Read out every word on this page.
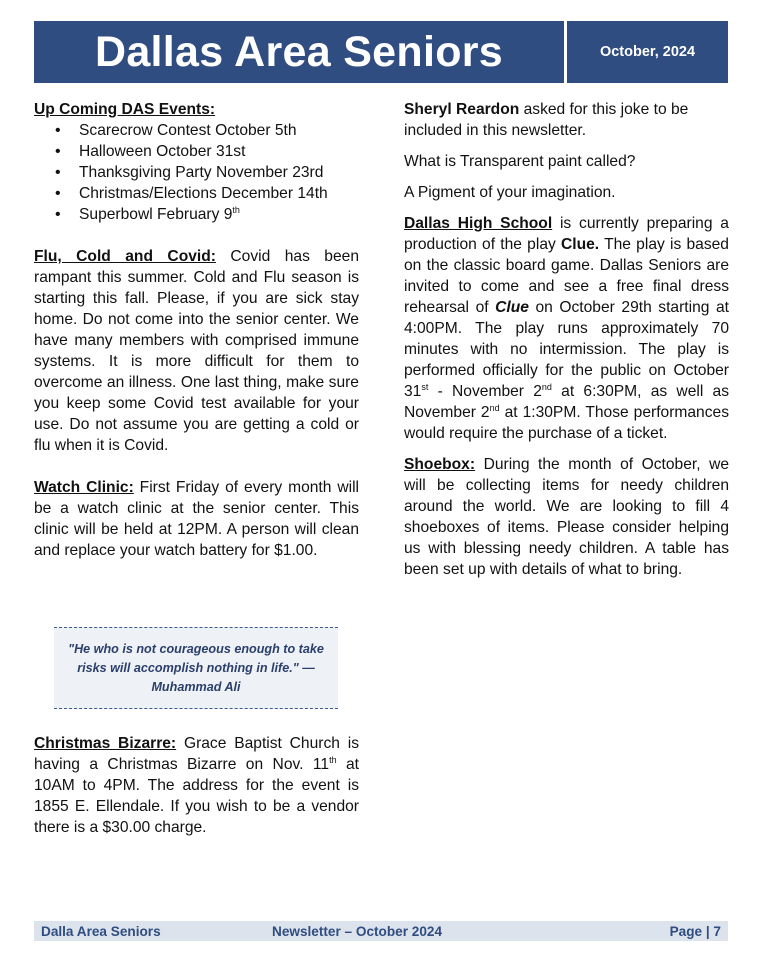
Dallas Area Seniors	October, 2024

Up Coming DAS Events:

• Scarecrow Contest October 5th
• Halloween October 31st
• Thanksgiving Party November 23rd
• Christmas/Elections December 14th
• Superbowl February 9th

Flu, Cold and Covid: Covid has been rampant this summer. Cold and Flu season is starting this fall. Please, if you are sick stay home. Do not come into the senior center. We have many members with comprised immune systems. It is more difficult for them to overcome an illness. One last thing, make sure you keep some Covid test available for your use. Do not assume you are getting a cold or flu when it is Covid.

Watch Clinic: First Friday of every month will be a watch clinic at the senior center. This clinic will be held at 12PM. A person will clean and replace your watch battery for $1.00.

"He who is not courageous enough to take risks will accomplish nothing in life." —
Muhammad Ali
Christmas Bizarre: Grace Baptist Church is having a Christmas Bizarre on Nov. 11th at 10AM to 4PM. The address for the event is 1855 E. Ellendale. If you wish to be a vendor there is a $30.00 charge.

Sheryl Reardon asked for this joke to be included in this newsletter.

What is Transparent paint called?

A Pigment of your imagination.

Dallas High School is currently preparing a production of the play Clue. The play is based on the classic board game. Dallas Seniors are invited to come and see a free final dress rehearsal of Clue on October 29th starting at 4:00PM. The play runs approximately 70 minutes with no intermission. The play is performed officially for the public on October 31st - November 2nd at 6:30PM, as well as November 2nd at 1:30PM. Those performances would require the purchase of a ticket.

Shoebox: During the month of October, we will be collecting items for needy children around the world. We are looking to fill 4 shoeboxes of items. Please consider helping us with blessing needy children. A table has been set up with details of what to bring.

Dalla Area Seniors	Newsletter – October 2024	Page | 7
